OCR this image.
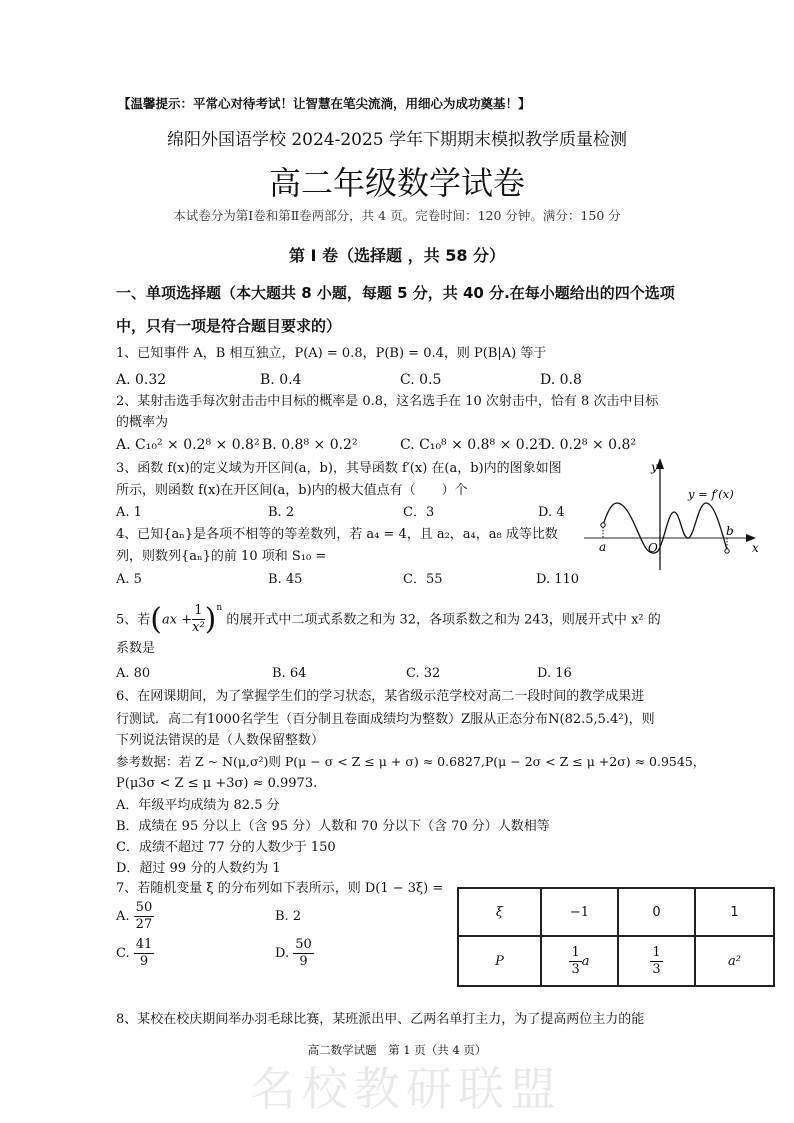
名校教研联盟
【温馨提示：平常心对待考试！让智慧在笔尖流淌，用细心为成功奠基！】
绵阳外国语学校 2024-2025 学年下期期末模拟教学质量检测
高二年级数学试卷
本试卷分为第Ⅰ卷和第Ⅱ卷两部分，共 4 页。完卷时间：120 分钟。满分：150 分
第 I 卷（选择题 ，共 58 分）
一、单项选择题（本大题共 8 小题，每题 5 分，共 40 分.在每小题给出的四个选项
中，只有一项是符合题目要求的）
1、已知事件 A，B 相互独立，P(A) = 0.8，P(B) = 0.4，则 P(B|A) 等于
A. 0.32	B. 0.4	C. 0.5	D. 0.8
2、某射击选手每次射击击中目标的概率是 0.8，这名选手在 10 次射击中，恰有 8 次击中目标
的概率为
A. C₁₀² × 0.2⁸ × 0.8² B. 0.8⁸ × 0.2²	C. C₁₀⁸ × 0.8⁸ × 0.2²
D. 0.2⁸ × 0.8²
3、函数 f(x)的定义域为开区间(a，b)，其导函数 f′(x) 在(a，b)内的图象如图
所示，则函数 f(x)在开区间(a，b)内的极大值点有（　　）个
A. 1	B. 2	C．3	D. 4
y
x
O
a
b
y = f′(x)
4、已知{aₙ}是各项不相等的等差数列，若 a₄ = 4，且 a₂，a₄，a₈ 成等比数
列，则数列{aₙ}的前 10 项和 S₁₀ =
A. 5	B. 45	C．55	D. 110
5、若$(ax + \frac{1}{\text{x²}})^n$ 的展开式中二项式系数之和为 32，各项系数之和为 243，则展开式中 x² 的
系数是
A. 80	B. 64	C. 32	D. 16
6、在网课期间，为了掌握学生们的学习状态，某省级示范学校对高二一段时间的教学成果进
行测试．高二有1000名学生（百分制且卷面成绩均为整数）Z服从正态分布N(82.5,5.4²)，则
下列说法错误的是（人数保留整数）
参考数据：若 Z ~ N(μ,σ²)则 P(μ − σ < Z ≤ μ + σ) ≈ 0.6827,P(μ − 2σ < Z ≤ μ +2σ) ≈ 0.9545，
P(μ3σ < Z ≤ μ +3σ) ≈ 0.9973.
A．年级平均成绩为 82.5 分
B．成绩在 95 分以上（含 95 分）人数和 70 分以下（含 70 分）人数相等
C．成绩不超过 77 分的人数少于 150
D．超过 99 分的人数约为 1
7、若随机变量 ξ 的分布列如下表所示，则 D(1 − 3ξ) =
A. $\frac{50}{27}$	B. 2
C. $\frac{41}{9}$	D. $\frac{50}{9}$
ξ	−1	0	1
P	$\frac{1}{3}$ a	$\frac{1}{3}$	a²
8、某校在校庆期间举办羽毛球比赛，某班派出甲、乙两名单打主力，为了提高两位主力的能
高二数学试题　第 1 页（共 4 页）
